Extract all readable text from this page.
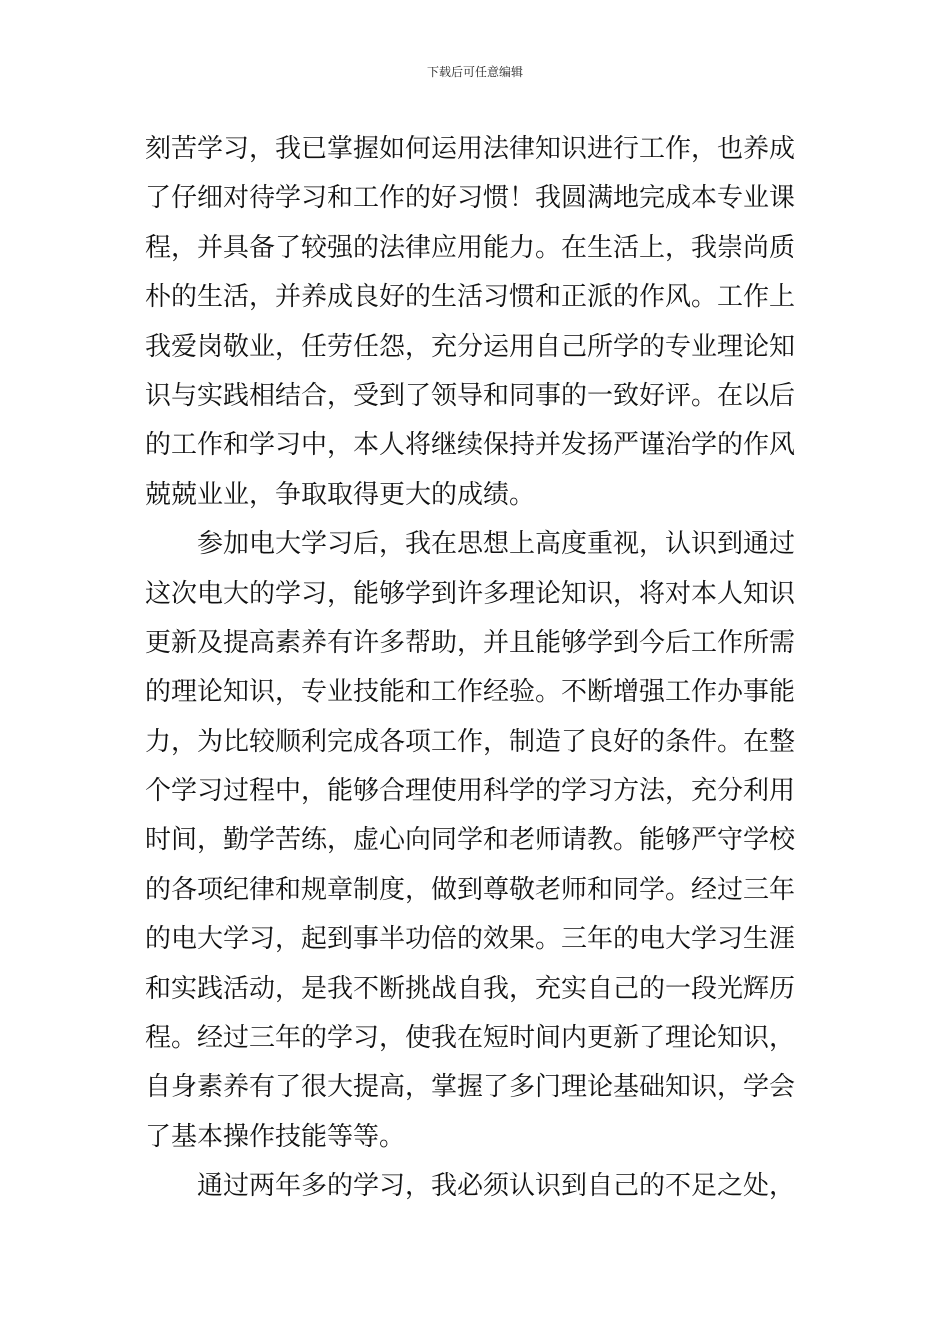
下载后可任意编辑
刻苦学习，我已掌握如何运用法律知识进行工作，也养成
了仔细对待学习和工作的好习惯！我圆满地完成本专业课
程，并具备了较强的法律应用能力。在生活上，我崇尚质
朴的生活，并养成良好的生活习惯和正派的作风。工作上
我爱岗敬业，任劳任怨，充分运用自己所学的专业理论知
识与实践相结合，受到了领导和同事的一致好评。在以后
的工作和学习中，本人将继续保持并发扬严谨治学的作风
兢兢业业，争取取得更大的成绩。
参加电大学习后，我在思想上高度重视，认识到通过
这次电大的学习，能够学到许多理论知识，将对本人知识
更新及提高素养有许多帮助，并且能够学到今后工作所需
的理论知识，专业技能和工作经验。不断增强工作办事能
力，为比较顺利完成各项工作，制造了良好的条件。在整
个学习过程中，能够合理使用科学的学习方法，充分利用
时间，勤学苦练，虚心向同学和老师请教。能够严守学校
的各项纪律和规章制度，做到尊敬老师和同学。经过三年
的电大学习，起到事半功倍的效果。三年的电大学习生涯
和实践活动，是我不断挑战自我，充实自己的一段光辉历
程。经过三年的学习，使我在短时间内更新了理论知识，
自身素养有了很大提高，掌握了多门理论基础知识，学会
了基本操作技能等等。
通过两年多的学习，我必须认识到自己的不足之处，
